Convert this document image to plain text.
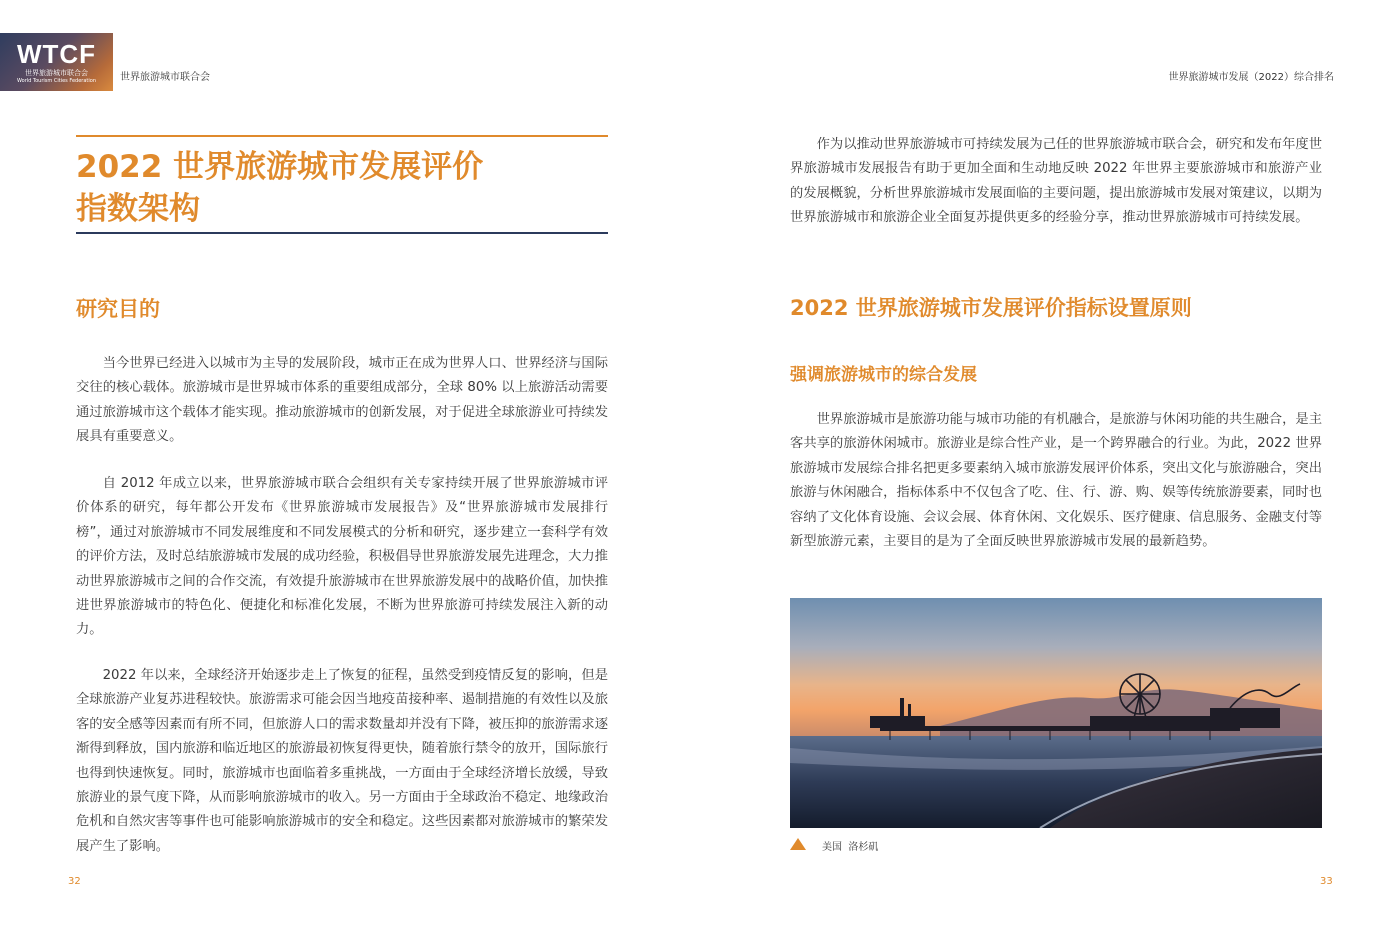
WTCF
世界旅游城市联合会
World Tourism Cities Federation	世界旅游城市联合会	世界旅游城市发展（2022）综合排名
2022 世界旅游城市发展评价
指数架构
研究目的
当今世界已经进入以城市为主导的发展阶段，城市正在成为世界人口、世界经济与国际交往的核心载体。旅游城市是世界城市体系的重要组成部分，全球 80% 以上旅游活动需要通过旅游城市这个载体才能实现。推动旅游城市的创新发展，对于促进全球旅游业可持续发展具有重要意义。
自 2012 年成立以来，世界旅游城市联合会组织有关专家持续开展了世界旅游城市评价体系的研究，每年都公开发布《世界旅游城市发展报告》及“世界旅游城市发展排行榜”，通过对旅游城市不同发展维度和不同发展模式的分析和研究，逐步建立一套科学有效的评价方法，及时总结旅游城市发展的成功经验，积极倡导世界旅游发展先进理念，大力推动世界旅游城市之间的合作交流，有效提升旅游城市在世界旅游发展中的战略价值，加快推进世界旅游城市的特色化、便捷化和标准化发展，不断为世界旅游可持续发展注入新的动力。
2022 年以来，全球经济开始逐步走上了恢复的征程，虽然受到疫情反复的影响，但是全球旅游产业复苏进程较快。旅游需求可能会因当地疫苗接种率、遏制措施的有效性以及旅客的安全感等因素而有所不同，但旅游人口的需求数量却并没有下降，被压抑的旅游需求逐渐得到释放，国内旅游和临近地区的旅游最初恢复得更快，随着旅行禁令的放开，国际旅行也得到快速恢复。同时，旅游城市也面临着多重挑战，一方面由于全球经济增长放缓，导致旅游业的景气度下降，从而影响旅游城市的收入。另一方面由于全球政治不稳定、地缘政治危机和自然灾害等事件也可能影响旅游城市的安全和稳定。这些因素都对旅游城市的繁荣发展产生了影响。
32
作为以推动世界旅游城市可持续发展为己任的世界旅游城市联合会，研究和发布年度世界旅游城市发展报告有助于更加全面和生动地反映 2022 年世界主要旅游城市和旅游产业的发展概貌，分析世界旅游城市发展面临的主要问题，提出旅游城市发展对策建议，以期为世界旅游城市和旅游企业全面复苏提供更多的经验分享，推动世界旅游城市可持续发展。
2022 世界旅游城市发展评价指标设置原则
强调旅游城市的综合发展
世界旅游城市是旅游功能与城市功能的有机融合，是旅游与休闲功能的共生融合，是主客共享的旅游休闲城市。旅游业是综合性产业，是一个跨界融合的行业。为此，2022 世界旅游城市发展综合排名把更多要素纳入城市旅游发展评价体系，突出文化与旅游融合，突出旅游与休闲融合，指标体系中不仅包含了吃、住、行、游、购、娱等传统旅游要素，同时也容纳了文化体育设施、会议会展、体育休闲、文化娱乐、医疗健康、信息服务、金融支付等新型旅游元素，主要目的是为了全面反映世界旅游城市发展的最新趋势。
美国  洛杉矶
33
